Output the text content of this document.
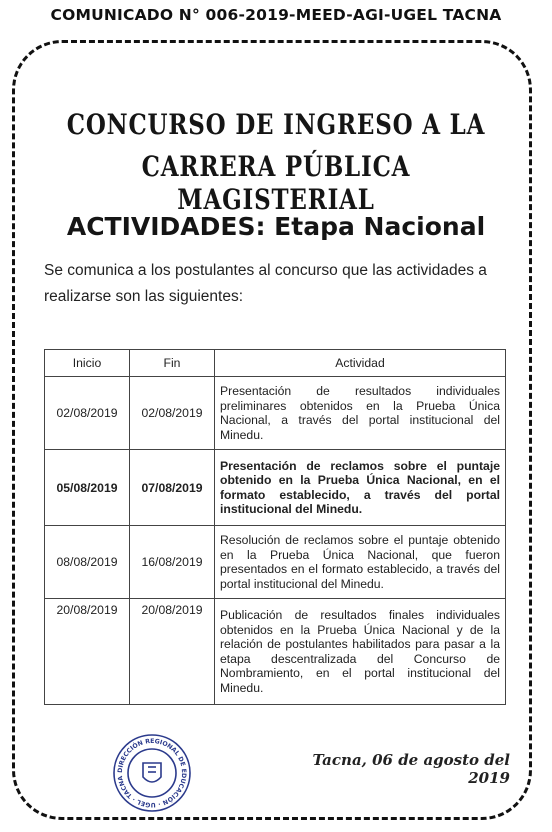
COMUNICADO N° 006-2019-MEED-AGI-UGEL TACNA
CONCURSO DE INGRESO A LA
CARRERA PÚBLICA MAGISTERIAL
ACTIVIDADES: Etapa Nacional
Se comunica a los postulantes al concurso que las actividades a realizarse son las siguientes:
Inicio	Fin	Actividad
02/08/2019	02/08/2019	Presentación de resultados individuales preliminares obtenidos en la Prueba Única Nacional, a través del portal institucional del Minedu.
05/08/2019	07/08/2019	Presentación de reclamos sobre el puntaje obtenido en la Prueba Única Nacional, en el formato establecido, a través del portal institucional del Minedu.
08/08/2019	16/08/2019	Resolución de reclamos sobre el puntaje obtenido en la Prueba Única Nacional, que fueron presentados en el formato establecido, a través del portal institucional del Minedu.
20/08/2019	20/08/2019	Publicación de resultados finales individuales obtenidos en la Prueba Única Nacional y de la relación de postulantes habilitados para pasar a la etapa descentralizada del Concurso de Nombramiento, en el portal institucional del Minedu.
DIRECCIÓN REGIONAL DE EDUCACIÓN · UGEL · TACNA
Tacna, 06 de agosto del 2019
